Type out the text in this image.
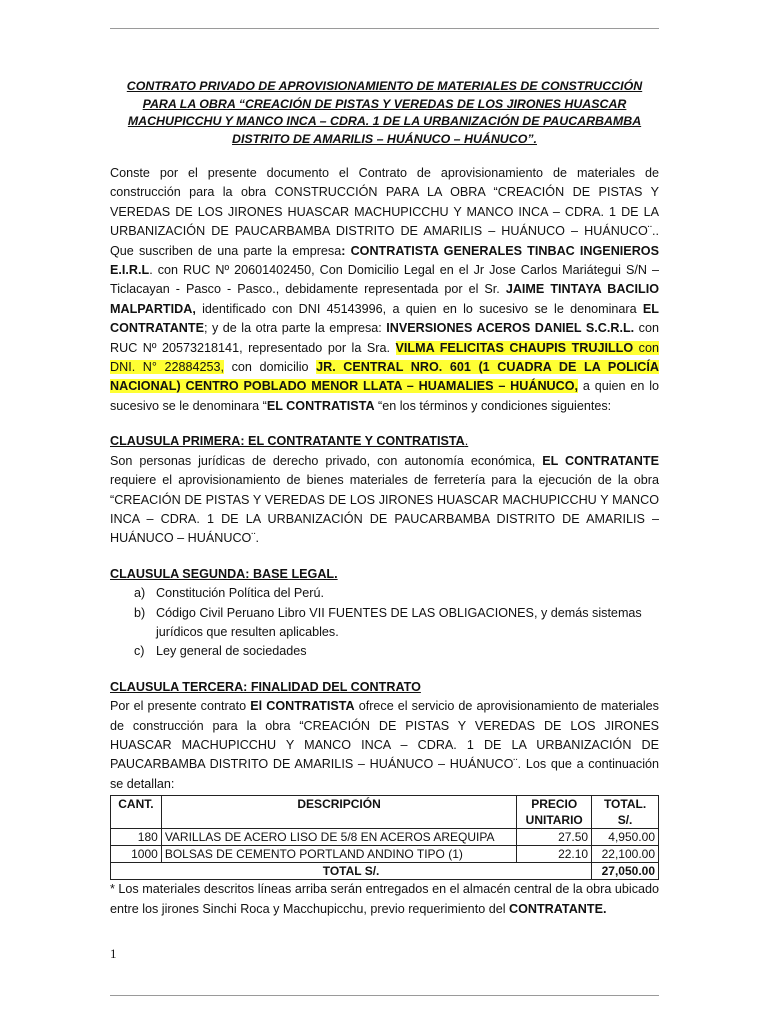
CONTRATO PRIVADO DE APROVISIONAMIENTO DE MATERIALES DE CONSTRUCCIÓN PARA LA OBRA “CREACIÓN DE PISTAS Y VEREDAS DE LOS JIRONES HUASCAR MACHUPICCHU Y MANCO INCA – CDRA. 1 DE LA URBANIZACIÓN DE PAUCARBAMBA DISTRITO DE AMARILIS – HUÁNUCO – HUÁNUCO”.

Conste por el presente documento el Contrato de aprovisionamiento de materiales de construcción para la obra CONSTRUCCIÓN PARA LA OBRA “CREACIÓN DE PISTAS Y VEREDAS DE LOS JIRONES HUASCAR MACHUPICCHU Y MANCO INCA – CDRA. 1 DE LA URBANIZACIÓN DE PAUCARBAMBA DISTRITO DE AMARILIS – HUÁNUCO – HUÁNUCO¨.. Que suscriben de una parte la empresa: CONTRATISTA GENERALES TINBAC INGENIEROS E.I.R.L. con RUC Nº 20601402450, Con Domicilio Legal en el Jr Jose Carlos Mariátegui S/N – Ticlacayan - Pasco - Pasco., debidamente representada por el Sr. JAIME TINTAYA BACILIO MALPARTIDA, identificado con DNI 45143996, a quien en lo sucesivo se le denominara EL CONTRATANTE; y de la otra parte la empresa: INVERSIONES ACEROS DANIEL S.C.R.L. con RUC Nº 20573218141, representado por la Sra. VILMA FELICITAS CHAUPIS TRUJILLO con DNI. N° 22884253, con domicilio JR. CENTRAL NRO. 601 (1 CUADRA DE LA POLICÍA NACIONAL) CENTRO POBLADO MENOR LLATA – HUAMALIES – HUÁNUCO, a quien en lo sucesivo se le denominara “EL CONTRATISTA “en los términos y condiciones siguientes:

CLAUSULA PRIMERA: EL CONTRATANTE Y CONTRATISTA.

Son personas jurídicas de derecho privado, con autonomía económica, EL CONTRATANTE requiere el aprovisionamiento de bienes materiales de ferretería para la ejecución de la obra “CREACIÓN DE PISTAS Y VEREDAS DE LOS JIRONES HUASCAR MACHUPICCHU Y MANCO INCA – CDRA. 1 DE LA URBANIZACIÓN DE PAUCARBAMBA DISTRITO DE AMARILIS – HUÁNUCO – HUÁNUCO¨.

CLAUSULA SEGUNDA: BASE LEGAL.
a) Constitución Política del Perú.
b) Código Civil Peruano Libro VII FUENTES DE LAS OBLIGACIONES, y demás sistemas jurídicos que resulten aplicables.
c) Ley general de sociedades
CLAUSULA TERCERA: FINALIDAD DEL CONTRATO

Por el presente contrato El CONTRATISTA ofrece el servicio de aprovisionamiento de materiales de construcción para la obra “CREACIÓN DE PISTAS Y VEREDAS DE LOS JIRONES HUASCAR MACHUPICCHU Y MANCO INCA – CDRA. 1 DE LA URBANIZACIÓN DE PAUCARBAMBA DISTRITO DE AMARILIS – HUÁNUCO – HUÁNUCO¨. Los que a continuación se detallan:

CANT.	DESCRIPCIÓN	PRECIO UNITARIO	TOTAL. S/.
180	VARILLAS DE ACERO LISO DE 5/8 EN ACEROS AREQUIPA	27.50	4,950.00
1000	BOLSAS DE CEMENTO PORTLAND ANDINO TIPO (1)	22.10	22,100.00
TOTAL S/.			27,050.00

* Los materiales descritos líneas arriba serán entregados en el almacén central de la obra ubicado entre los jirones Sinchi Roca y Macchupicchu, previo requerimiento del CONTRATANTE.

1
